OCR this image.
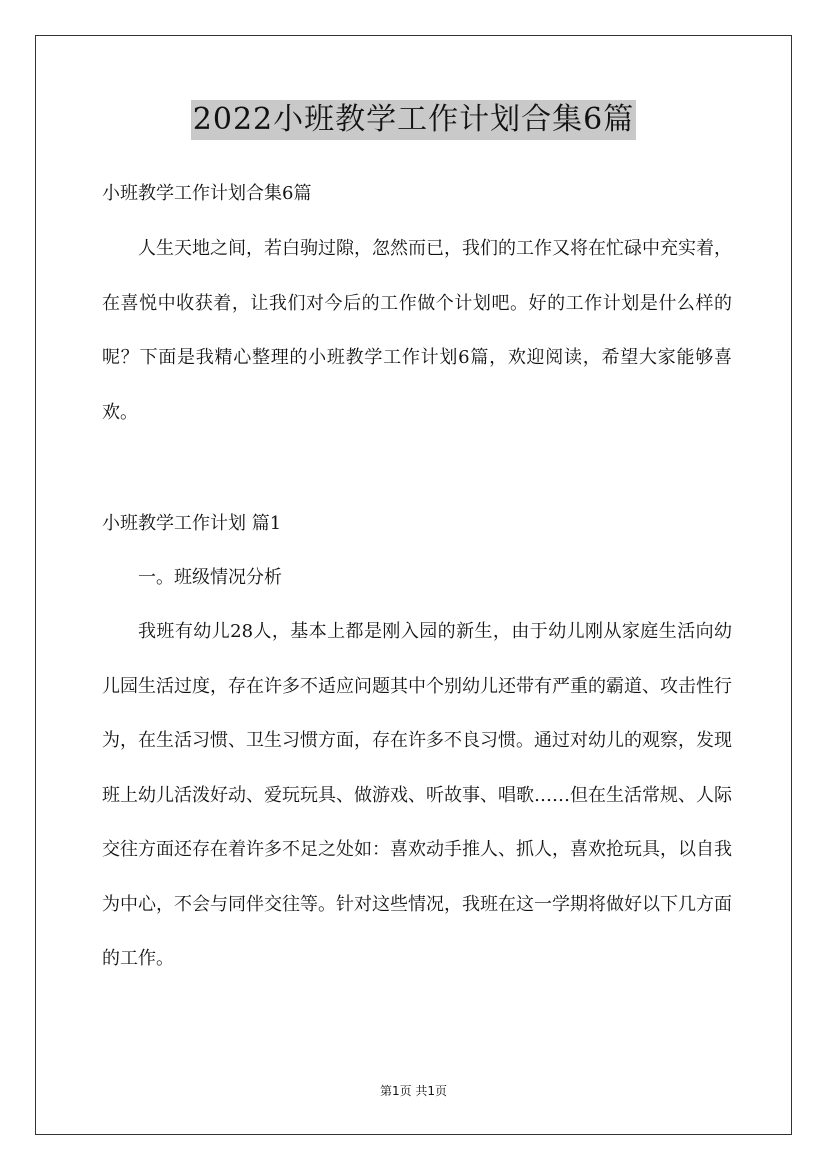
2022小班教学工作计划合集6篇
小班教学工作计划合集6篇

人生天地之间，若白驹过隙，忽然而已，我们的工作又将在忙碌中充实着，在喜悦中收获着，让我们对今后的工作做个计划吧。好的工作计划是什么样的呢？下面是我精心整理的小班教学工作计划6篇，欢迎阅读，希望大家能够喜欢。

小班教学工作计划 篇1
一。班级情况分析

我班有幼儿28人，基本上都是刚入园的新生，由于幼儿刚从家庭生活向幼儿园生活过度，存在许多不适应问题其中个别幼儿还带有严重的霸道、攻击性行为，在生活习惯、卫生习惯方面，存在许多不良习惯。通过对幼儿的观察，发现班上幼儿活泼好动、爱玩玩具、做游戏、听故事、唱歌……但在生活常规、人际交往方面还存在着许多不足之处如：喜欢动手推人、抓人，喜欢抢玩具，以自我为中心，不会与同伴交往等。针对这些情况，我班在这一学期将做好以下几方面的工作。

第1页 共1页
